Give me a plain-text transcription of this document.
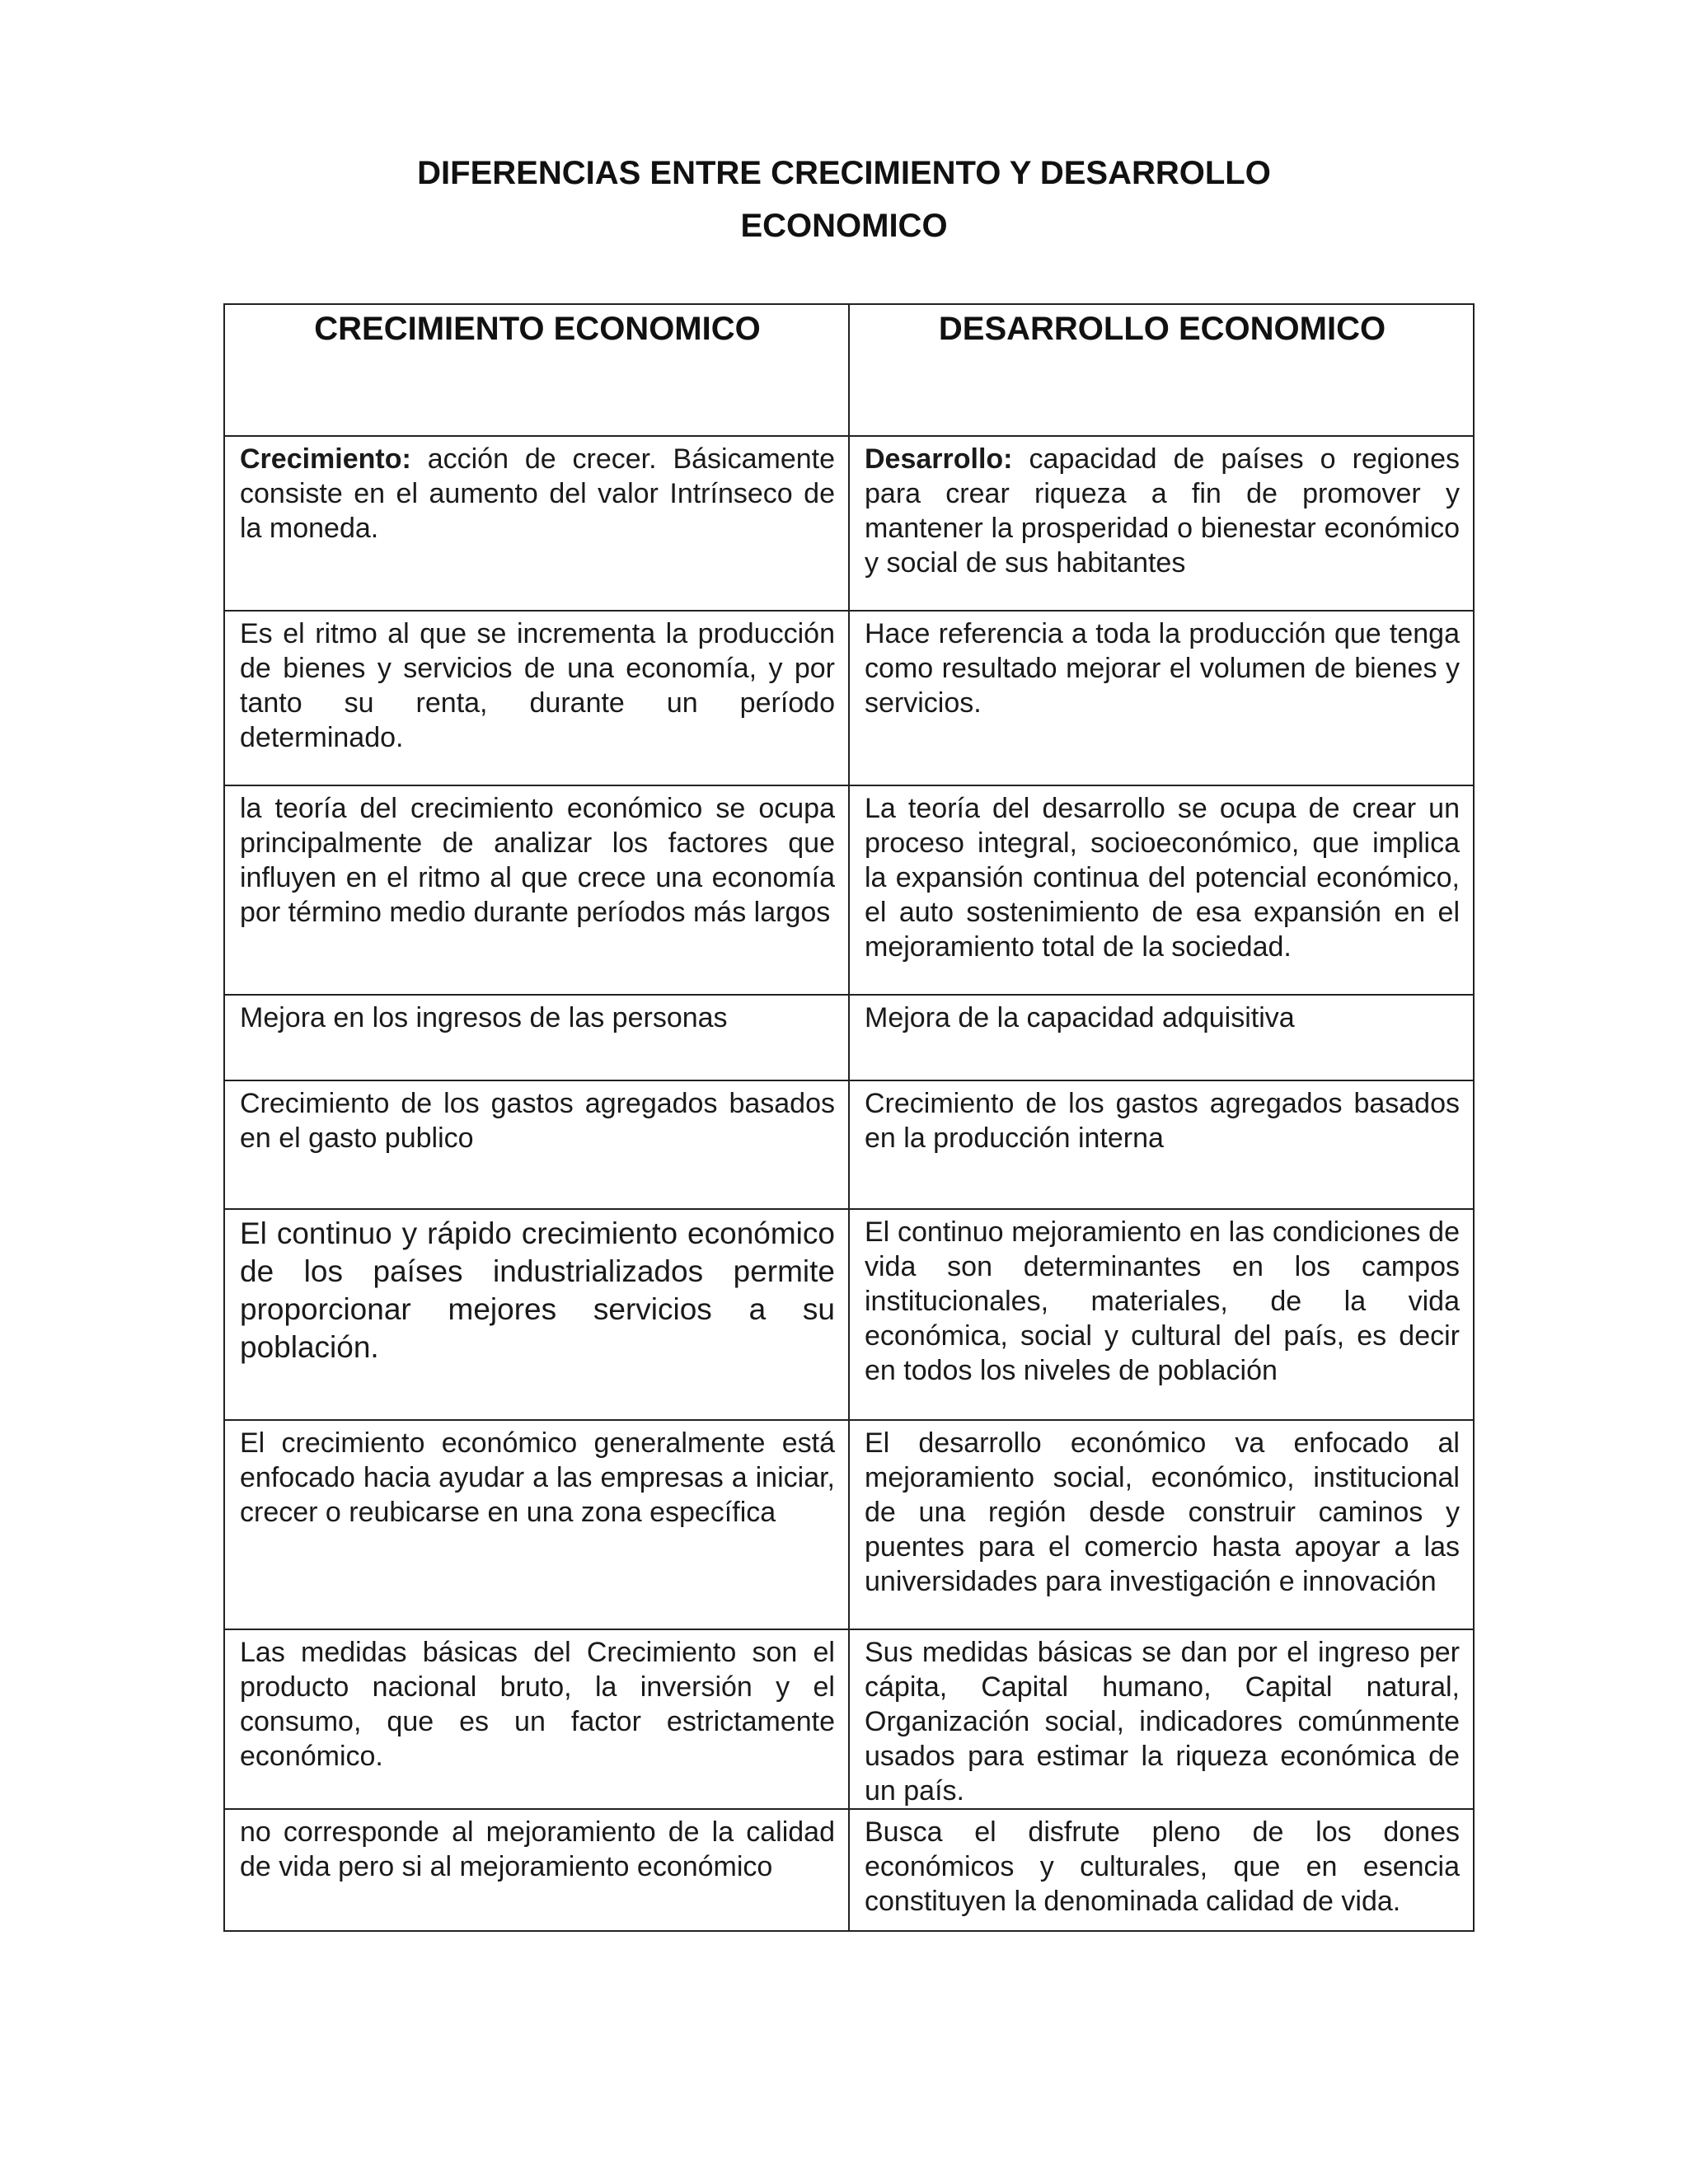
DIFERENCIAS ENTRE CRECIMIENTO Y DESARROLLO
ECONOMICO
CRECIMIENTO ECONOMICO	DESARROLLO ECONOMICO
Crecimiento: acción de crecer. Básicamente consiste en el aumento del valor Intrínseco de la moneda.	Desarrollo: capacidad de países o regiones para crear riqueza a fin de promover y mantener la prosperidad o bienestar económico y social de sus habitantes
Es el ritmo al que se incrementa la producción de bienes y servicios de una economía, y por tanto su renta, durante un período determinado.	Hace referencia a toda la producción que tenga como resultado mejorar el volumen de bienes y servicios.
la teoría del crecimiento económico se ocupa principalmente de analizar los factores que influyen en el ritmo al que crece una economía por término medio durante períodos más largos	La teoría del desarrollo se ocupa de crear un proceso integral, socioeconómico, que implica la expansión continua del potencial económico, el auto sostenimiento de esa expansión en el mejoramiento total de la sociedad.
Mejora en los ingresos de las personas	Mejora de la capacidad adquisitiva
Crecimiento de los gastos agregados basados en el gasto publico	Crecimiento de los gastos agregados basados en la producción interna
El continuo y rápido crecimiento económico de los países industrializados permite proporcionar mejores servicios a su población.	El continuo mejoramiento en las condiciones de vida son determinantes en los campos institucionales, materiales, de la vida económica, social y cultural del país, es decir en todos los niveles de población
El crecimiento económico generalmente está enfocado hacia ayudar a las empresas a iniciar, crecer o reubicarse en una zona específica	El desarrollo económico va enfocado al mejoramiento social, económico, institucional de una región desde construir caminos y puentes para el comercio hasta apoyar a las universidades para investigación e innovación
Las medidas básicas del Crecimiento son el producto nacional bruto, la inversión y el consumo, que es un factor estrictamente económico.	Sus medidas básicas se dan por el ingreso per cápita, Capital humano, Capital natural, Organización social, indicadores comúnmente usados para estimar la riqueza económica de un país.
no corresponde al mejoramiento de la calidad de vida pero si al mejoramiento económico	Busca el disfrute pleno de los dones económicos y culturales, que en esencia constituyen la denominada calidad de vida.
